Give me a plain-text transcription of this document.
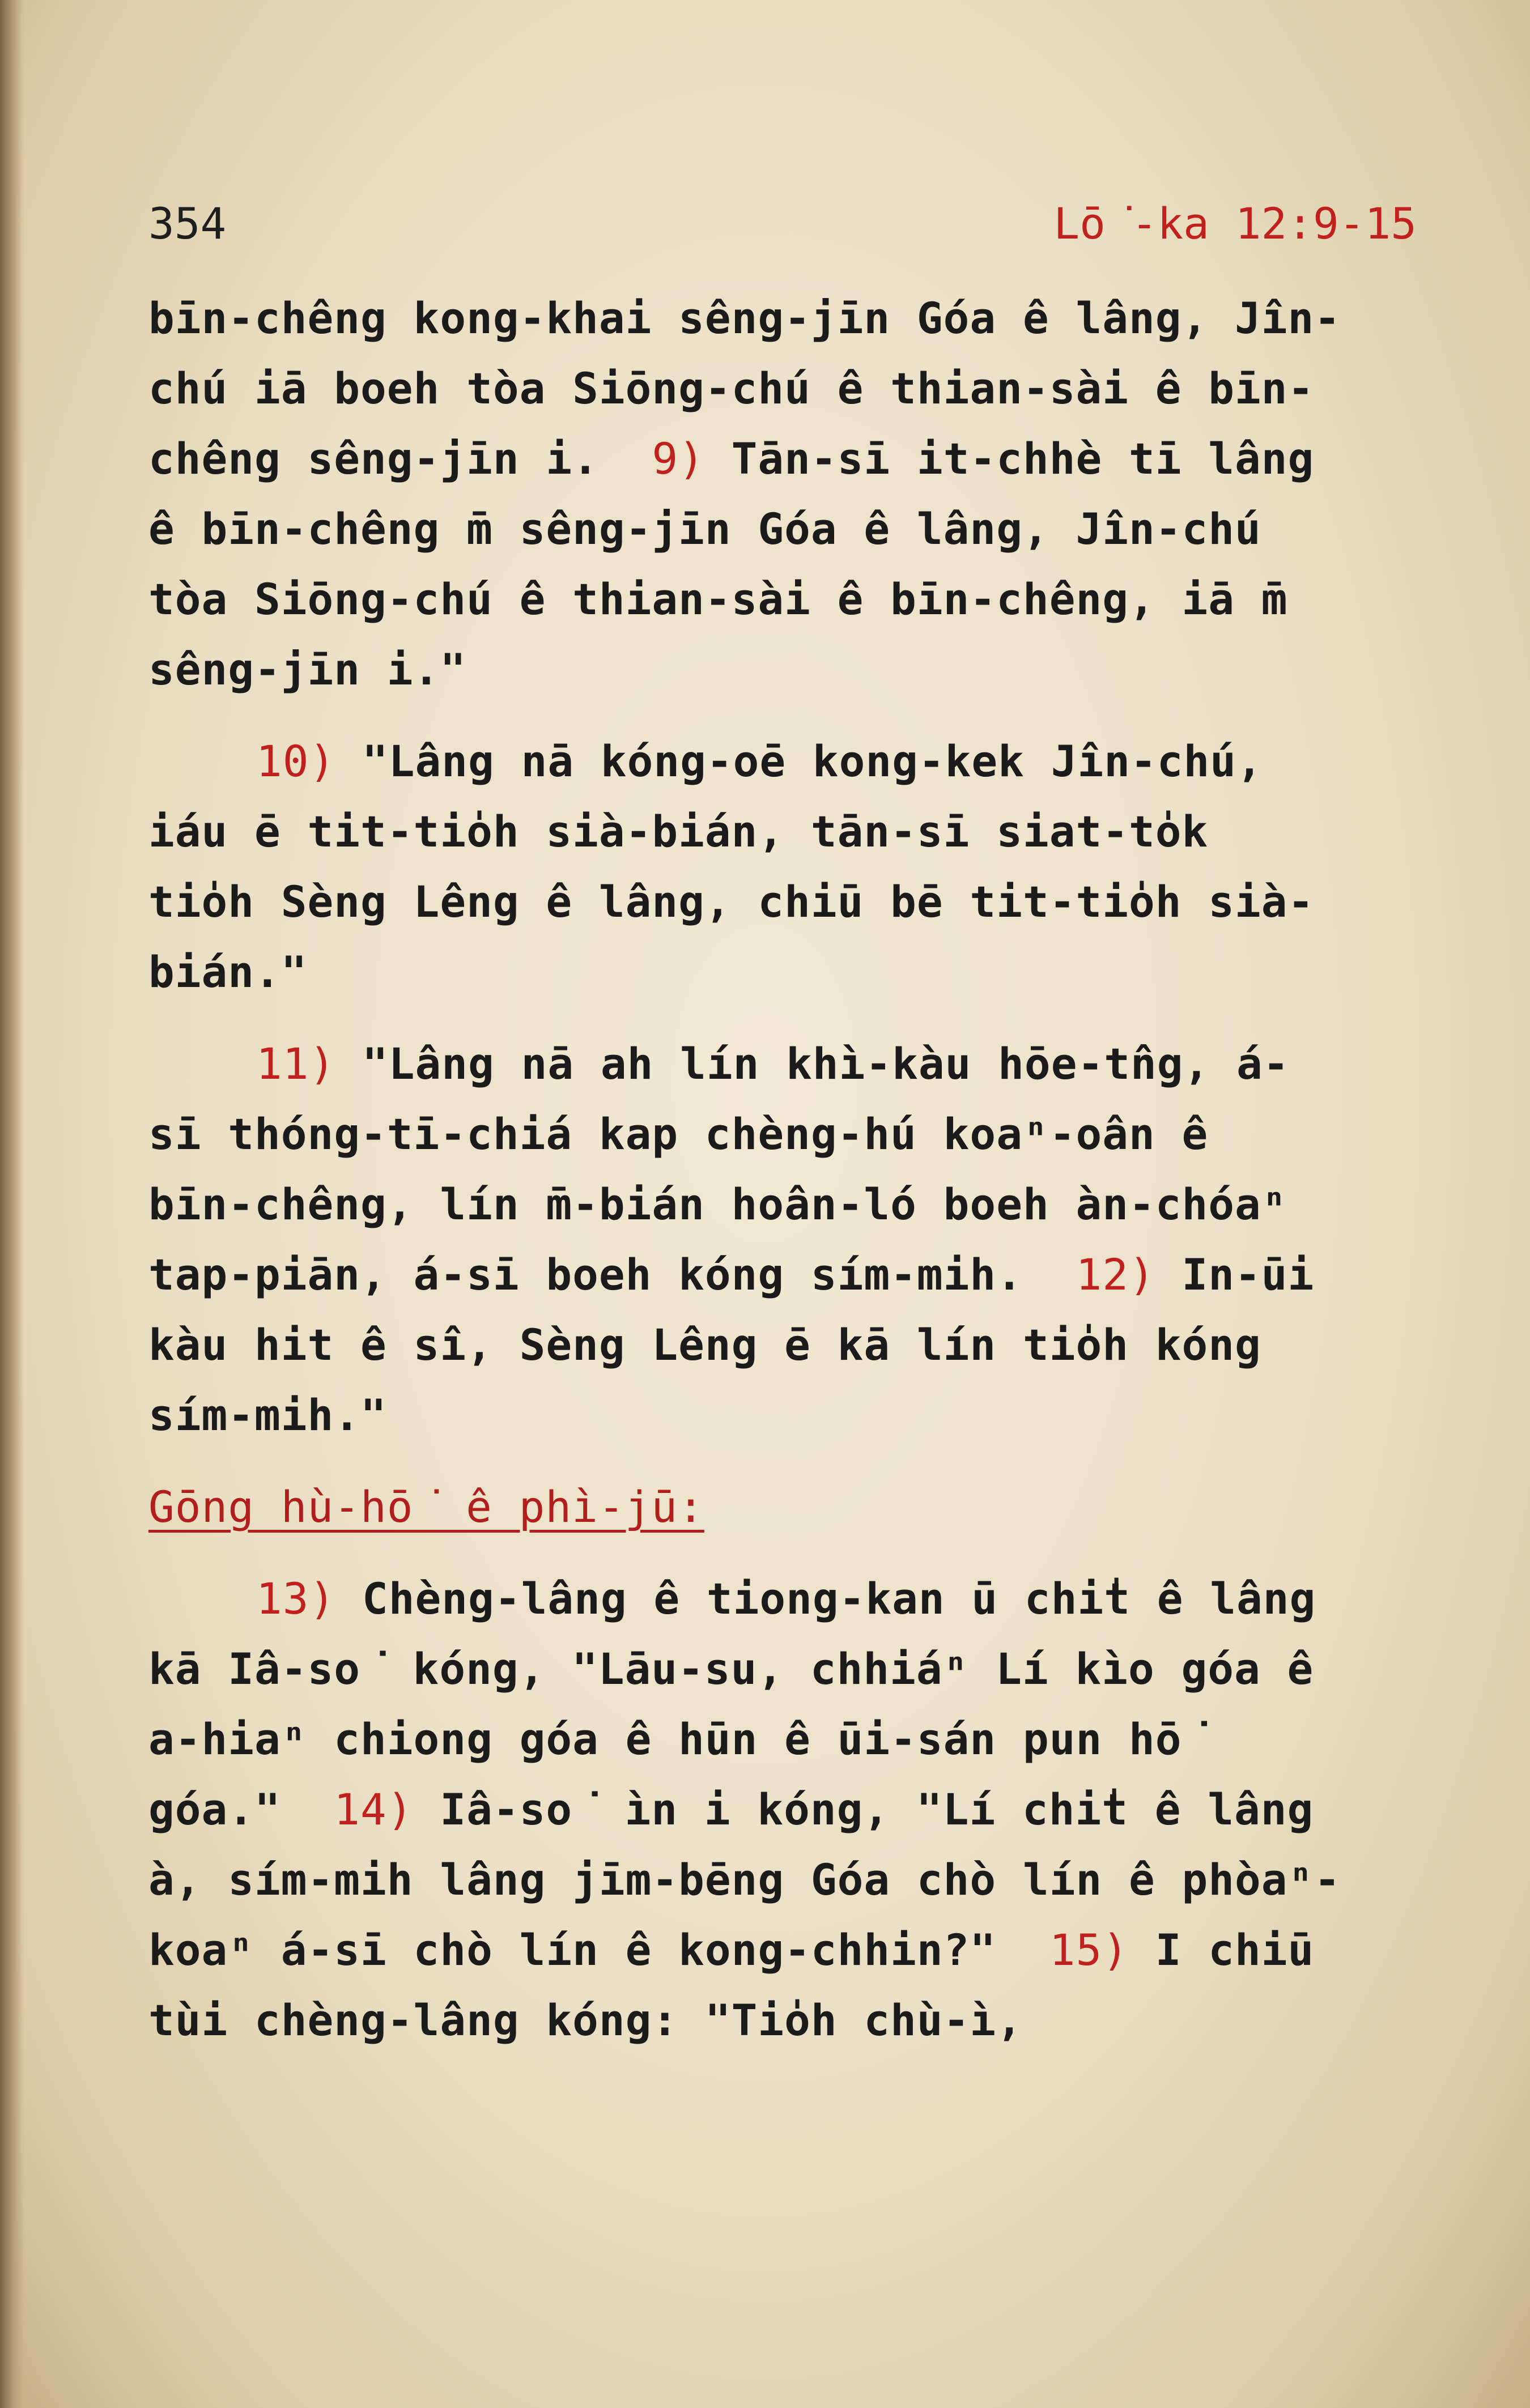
354	Lō͘-ka 12:9-15
bīn-chêng kong-khai sêng-jīn Góa ê lâng, Jîn-
chú iā boeh tòa Siōng-chú ê thian-sài ê bīn-
chêng sêng-jīn i.  9) Tān-sī it-chhè tī lâng
ê bīn-chêng m̄ sêng-jīn Góa ê lâng, Jîn-chú
tòa Siōng-chú ê thian-sài ê bīn-chêng, iā m̄
sêng-jīn i."
10) "Lâng nā kóng-oē kong-kek Jîn-chú,
iáu ē tit-tio̍h sià-bián, tān-sī siat-to̍k
tio̍h Sèng Lêng ê lâng, chiū bē tit-tio̍h sià-
bián."
11) "Lâng nā ah lín khì-kàu hōe-tn̂g, á-
sī thóng-tī-chiá kap chèng-hú koaⁿ-oân ê
bīn-chêng, lín m̄-bián hoân-ló boeh àn-chóaⁿ
tap-piān, á-sī boeh kóng sím-mih.  12) In-ūi
kàu hit ê sî, Sèng Lêng ē kā lín tio̍h kóng
sím-mih."
Gōng hù-hō͘ ê phì-jū:
13) Chèng-lâng ê tiong-kan ū chi̍t ê lâng
kā Iâ-so͘ kóng, "Lāu-su, chhiáⁿ Lí kìo góa ê
a-hiaⁿ chiong góa ê hūn ê ūi-sán pun hō͘
góa."  14) Iâ-so͘ ìn i kóng, "Lí chi̍t ê lâng
à, sím-mih lâng jīm-bēng Góa chò lín ê phòaⁿ-
koaⁿ á-sī chò lín ê kong-chhin?"  15) I chiū
tùi chèng-lâng kóng: "Tio̍h chù-ì,
